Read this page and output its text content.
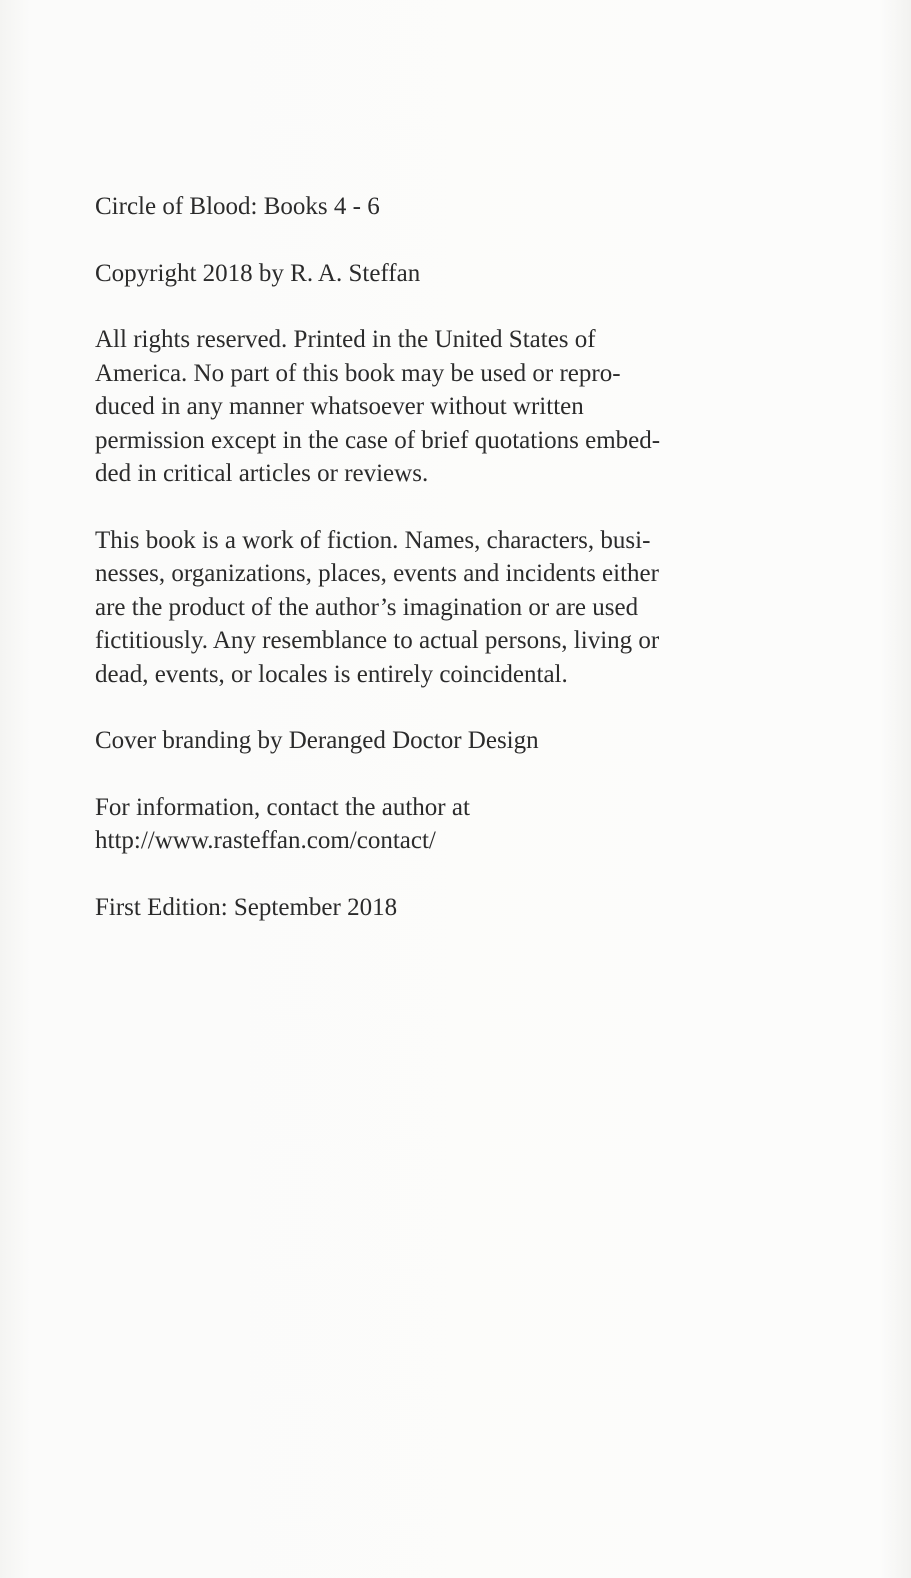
Circle of Blood: Books 4 - 6

Copyright 2018 by R. A. Steffan

All rights reserved. Printed in the United States of
America. No part of this book may be used or repro-
duced in any manner whatsoever without written
permission except in the case of brief quotations embed-
ded in critical articles or reviews.

This book is a work of fiction. Names, characters, busi-
nesses, organizations, places, events and incidents either
are the product of the author’s imagination or are used
fictitiously. Any resemblance to actual persons, living or
dead, events, or locales is entirely coincidental.

Cover branding by Deranged Doctor Design

For information, contact the author at
http://www.rasteffan.com/contact/

First Edition: September 2018
